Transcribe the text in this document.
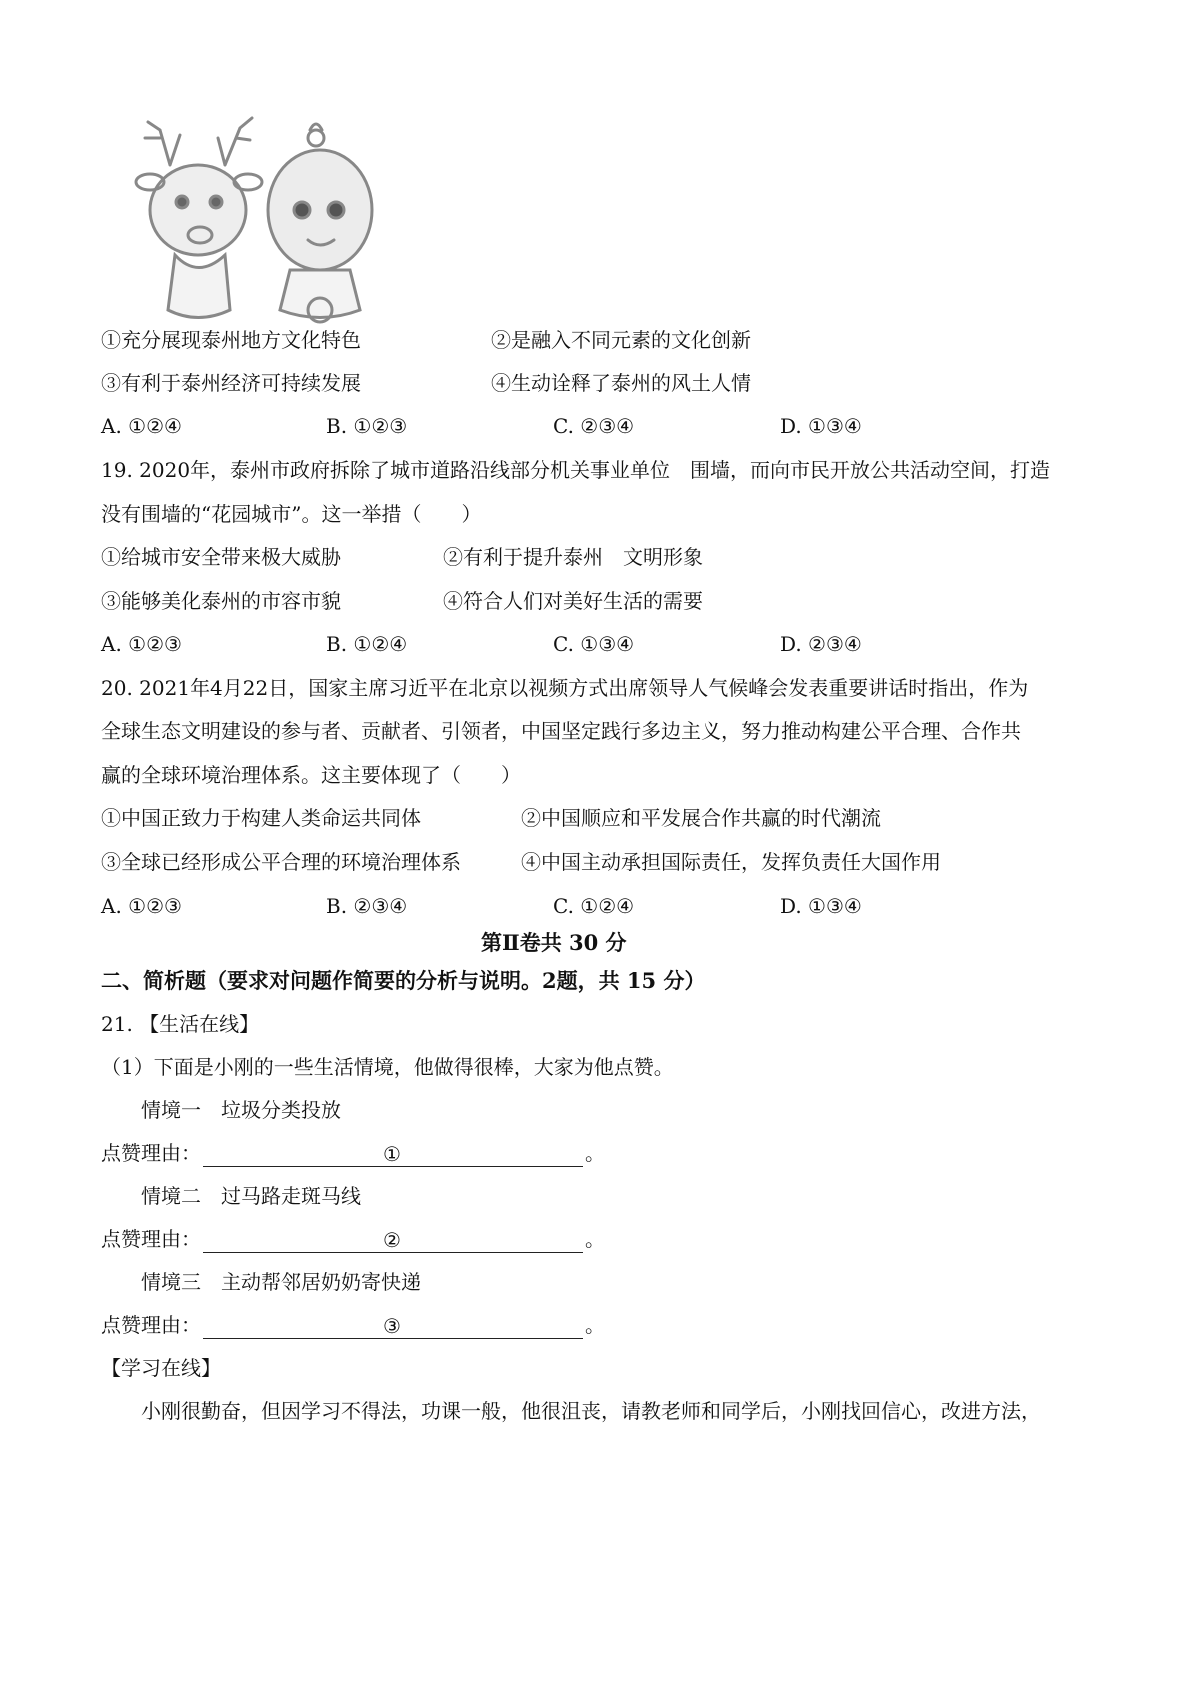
①充分展现泰州地方文化特色	②是融入不同元素的文化创新
③有利于泰州经济可持续发展	④生动诠释了泰州的风土人情
A. ①②④	B. ①②③	C. ②③④	D. ①③④
19. 2020年，泰州市政府拆除了城市道路沿线部分机关事业单位　围墙，而向市民开放公共活动空间，打造
没有围墙的“花园城市”。这一举措（　　）
①给城市安全带来极大威胁	②有利于提升泰州　文明形象
③能够美化泰州的市容市貌	④符合人们对美好生活的需要
A. ①②③	B. ①②④	C. ①③④	D. ②③④
20. 2021年4月22日，国家主席习近平在北京以视频方式出席领导人气候峰会发表重要讲话时指出，作为
全球生态文明建设的参与者、贡献者、引领者，中国坚定践行多边主义，努力推动构建公平合理、合作共
赢的全球环境治理体系。这主要体现了（　　）
①中国正致力于构建人类命运共同体	②中国顺应和平发展合作共赢的时代潮流
③全球已经形成公平合理的环境治理体系	④中国主动承担国际责任，发挥负责任大国作用
A. ①②③	B. ②③④	C. ①②④	D. ①③④
第Ⅱ卷共 30 分
二、简析题（要求对问题作简要的分析与说明。2题，共 15 分）
21. 【生活在线】
（1）下面是小刚的一些生活情境，他做得很棒，大家为他点赞。
情境一　垃圾分类投放
点赞理由：	①	。
情境二　过马路走斑马线
点赞理由：	②	。
情境三　主动帮邻居奶奶寄快递
点赞理由：	③	。
【学习在线】
小刚很勤奋，但因学习不得法，功课一般，他很沮丧，请教老师和同学后，小刚找回信心，改进方法，
